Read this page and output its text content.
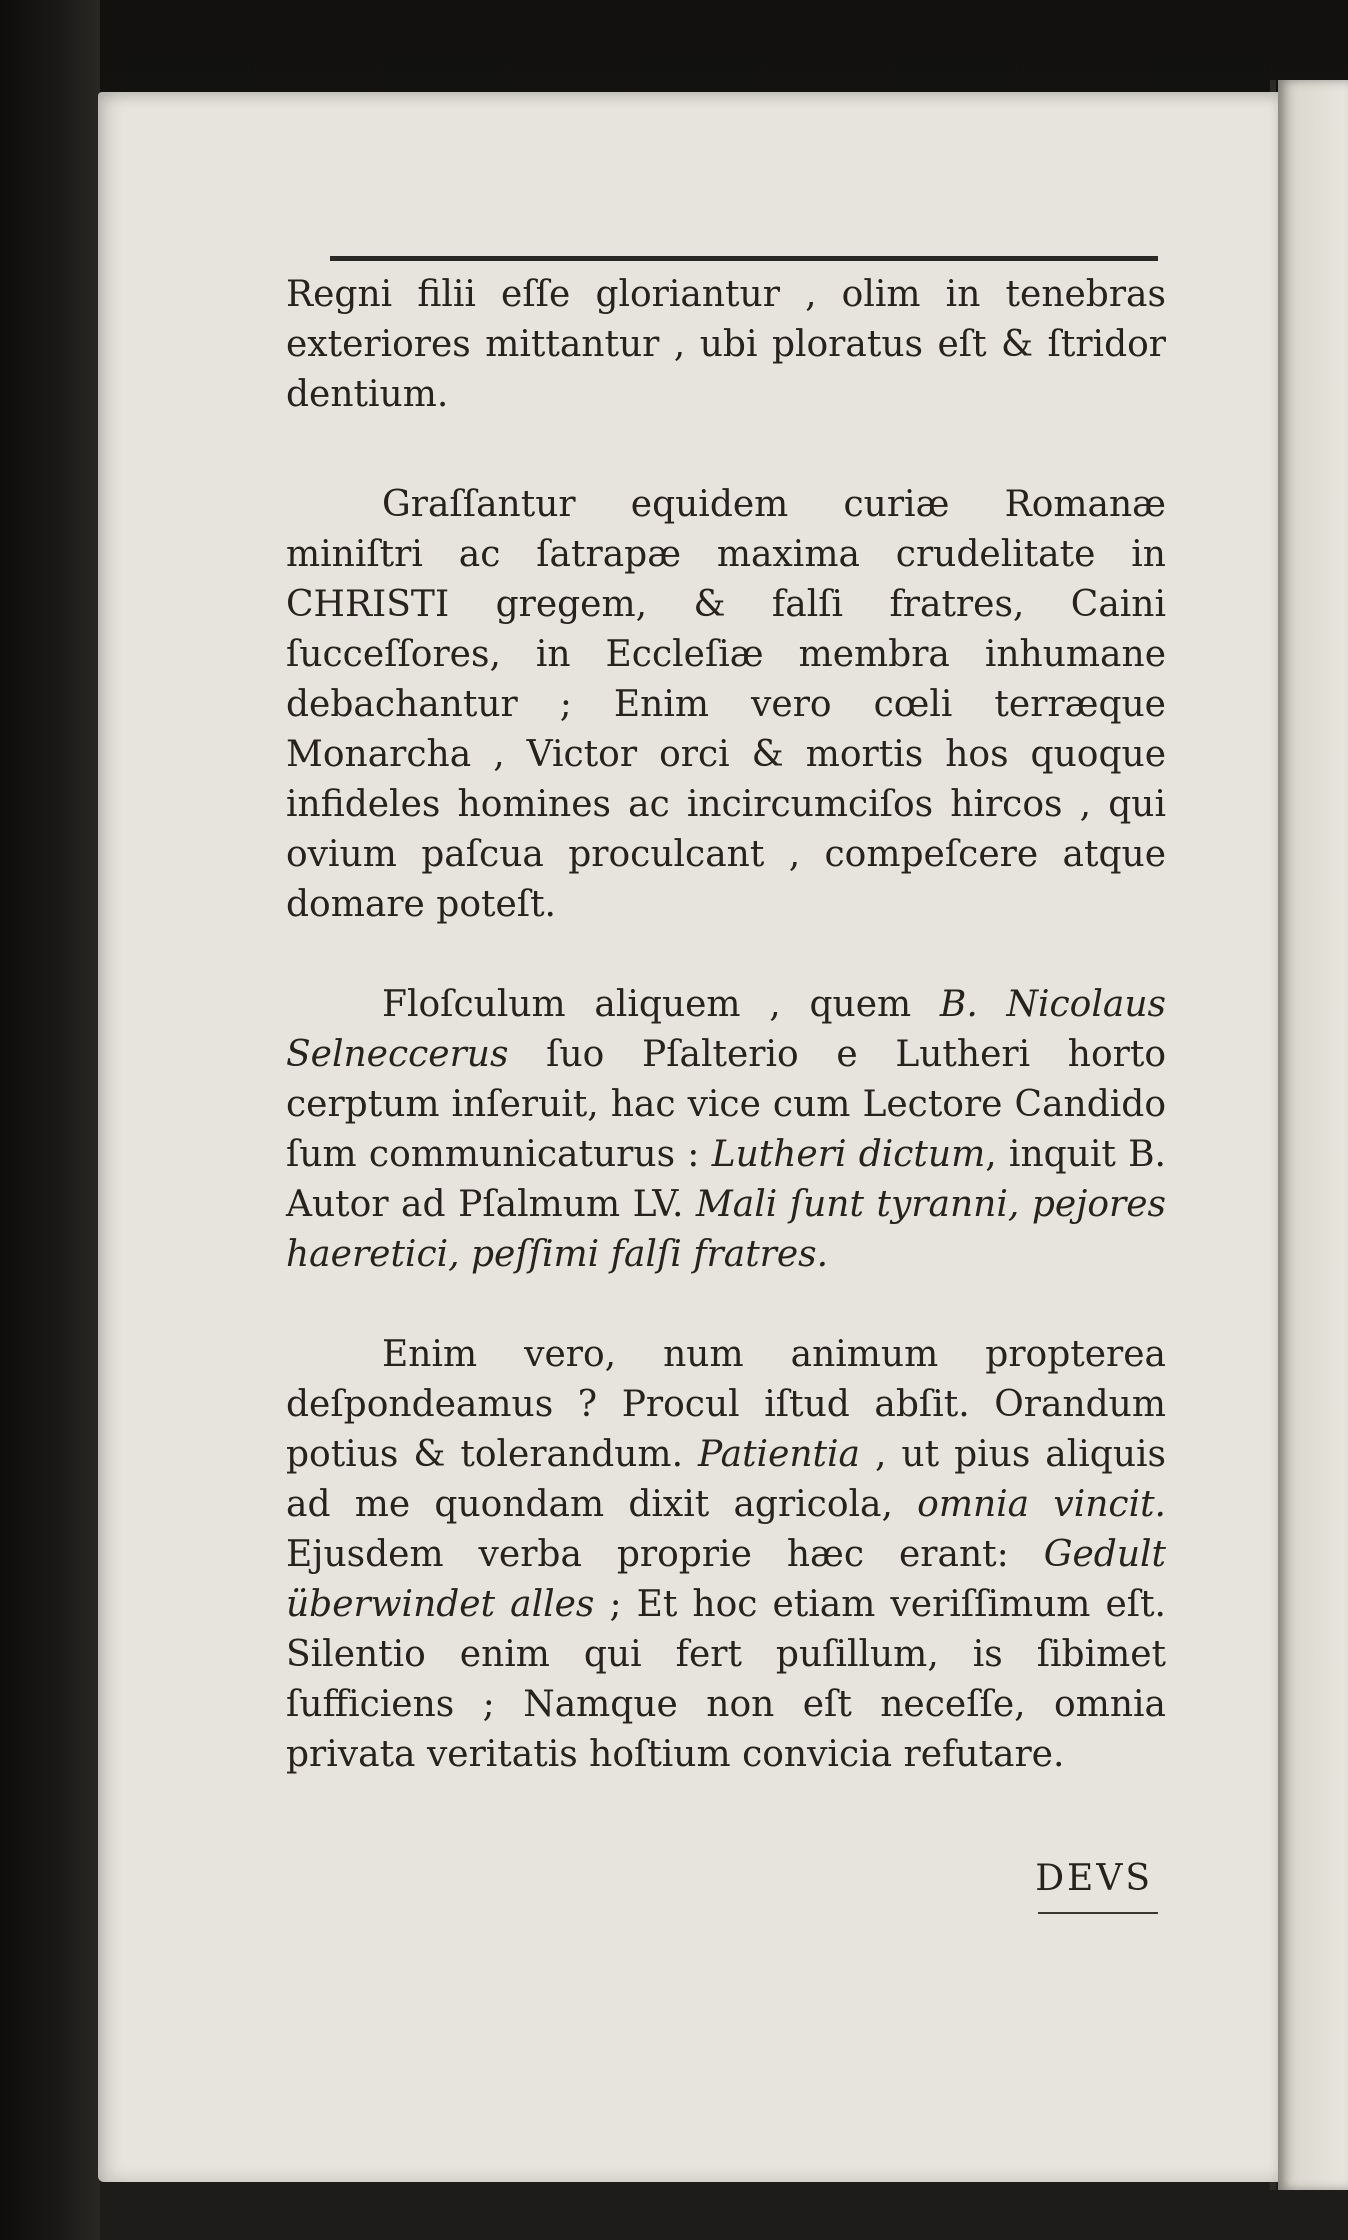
Regni filii eſſe gloriantur , olim in tenebras exteriores mittantur , ubi ploratus eſt & ſtridor dentium.

Graſſantur equidem curiæ Romanæ miniſtri ac ſatrapæ maxima crudelitate in CHRISTI gregem, & falſi fratres, Caini ſucceſſores, in Eccleſiæ membra inhumane debachantur ; Enim vero cœli terræque Monarcha , Victor orci & mortis hos quoque infideles homines ac incircumciſos hircos , qui ovium paſcua proculcant , compeſcere atque domare poteſt.

Floſculum aliquem , quem B. Nicolaus Selneccerus ſuo Pſalterio e Lutheri horto cerptum inſeruit, hac vice cum Lectore Candido ſum communicaturus : Lutheri dictum, inquit B. Autor ad Pſalmum LV. Mali ſunt tyranni, pejores haeretici, peſſimi falſi fratres.

Enim vero, num animum propterea deſpondeamus ? Procul iſtud abſit. Orandum potius & tolerandum. Patientia , ut pius aliquis ad me quondam dixit agricola, omnia vincit. Ejusdem verba proprie hæc erant: Gedult überwindet alles ; Et hoc etiam veriſſimum eſt. Silentio enim qui fert puſillum, is ſibimet ſufficiens ; Namque non eſt neceſſe, omnia privata veritatis hoſtium convicia refutare.

DEVS
